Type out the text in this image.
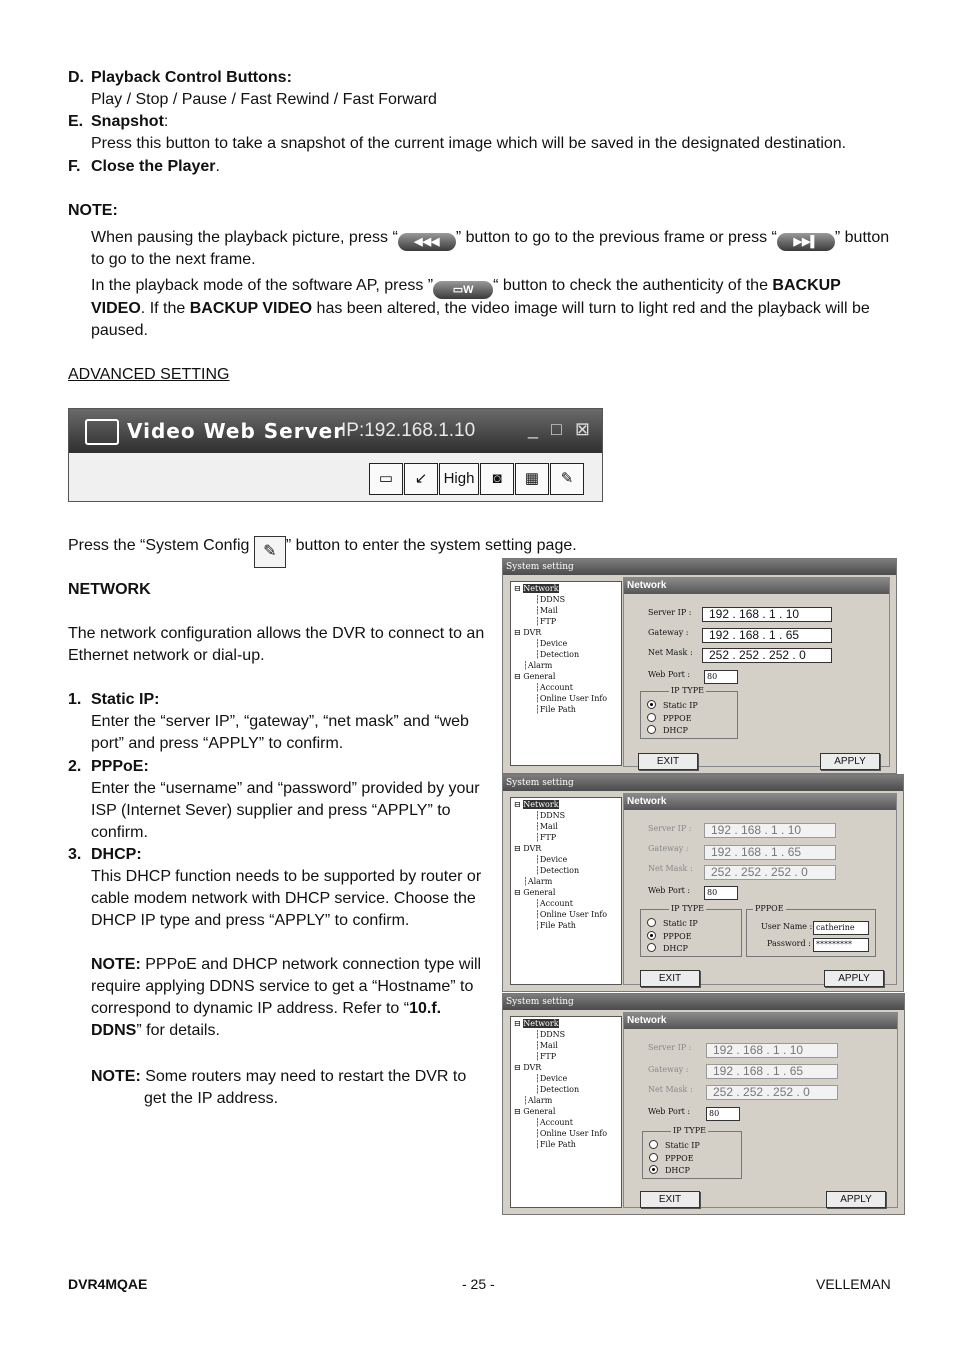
D. Playback Control Buttons:
Play / Stop / Pause / Fast Rewind / Fast Forward
E. Snapshot:
Press this button to take a snapshot of the current image which will be saved in the designated destination.
F. Close the Player.
NOTE:
When pausing the playback picture, press “ ◀◀◀ ” button to go to the previous frame or press “ ▶▶▌ ” button
to go to the next frame.
In the playback mode of the software AP, press ” ▭W “ button to check the authenticity of the BACKUP
VIDEO. If the BACKUP VIDEO has been altered, the video image will turn to light red and the playback will be
paused.
ADVANCED SETTING
Video Web Server
IP:192.168.1.10	_ □ ⊠
▭	↙	High	◙	▦	✎
Press the “System Config ✎ ” button to enter the system setting page.
NETWORK
The network configuration allows the DVR to connect to an
Ethernet network or dial-up.
1. Static IP:
Enter the “server IP”, “gateway”, “net mask” and “web
port” and press “APPLY” to confirm.
2. PPPoE:
Enter the “username” and “password” provided by your
ISP (Internet Sever) supplier and press “APPLY” to
confirm.
3. DHCP:
This DHCP function needs to be supported by router or
cable modem network with DHCP service. Choose the
DHCP IP type and press “APPLY” to confirm.
NOTE: PPPoE and DHCP network connection type will
require applying DDNS service to get a “Hostname” to
correspond to dynamic IP address. Refer to “10.f.
DDNS” for details.
NOTE: Some routers may need to restart the DVR to
get the IP address.
System setting
⊟ Network
┆DDNS
┆Mail
┆FTP
⊟ DVR
┆Device
┆Detection
┆Alarm
⊟ General
┆Account
┆Online User Info
┆File Path
Network
Server IP :	192 . 168 . 1 . 10
Gateway :	192 . 168 . 1 . 65
Net Mask :	252 . 252 . 252 . 0
Web Port :	80
IP TYPE
Static IP
PPPOE
DHCP
EXIT	APPLY
System setting
⊟ Network
┆DDNS
┆Mail
┆FTP
⊟ DVR
┆Device
┆Detection
┆Alarm
⊟ General
┆Account
┆Online User Info
┆File Path
Network
Server IP :	192 . 168 . 1 . 10
Gateway :	192 . 168 . 1 . 65
Net Mask :	252 . 252 . 252 . 0
Web Port :	80
IP TYPE
Static IP
PPPOE
DHCP
PPPOE
User Name : catherine
Password : *********
EXIT	APPLY
System setting
⊟ Network
┆DDNS
┆Mail
┆FTP
⊟ DVR
┆Device
┆Detection
┆Alarm
⊟ General
┆Account
┆Online User Info
┆File Path
Network
Server IP :	192 . 168 . 1 . 10
Gateway :	192 . 168 . 1 . 65
Net Mask :	252 . 252 . 252 . 0
Web Port :	80
IP TYPE
Static IP
PPPOE
DHCP
EXIT	APPLY
DVR4MQAE	- 25 -	VELLEMAN
